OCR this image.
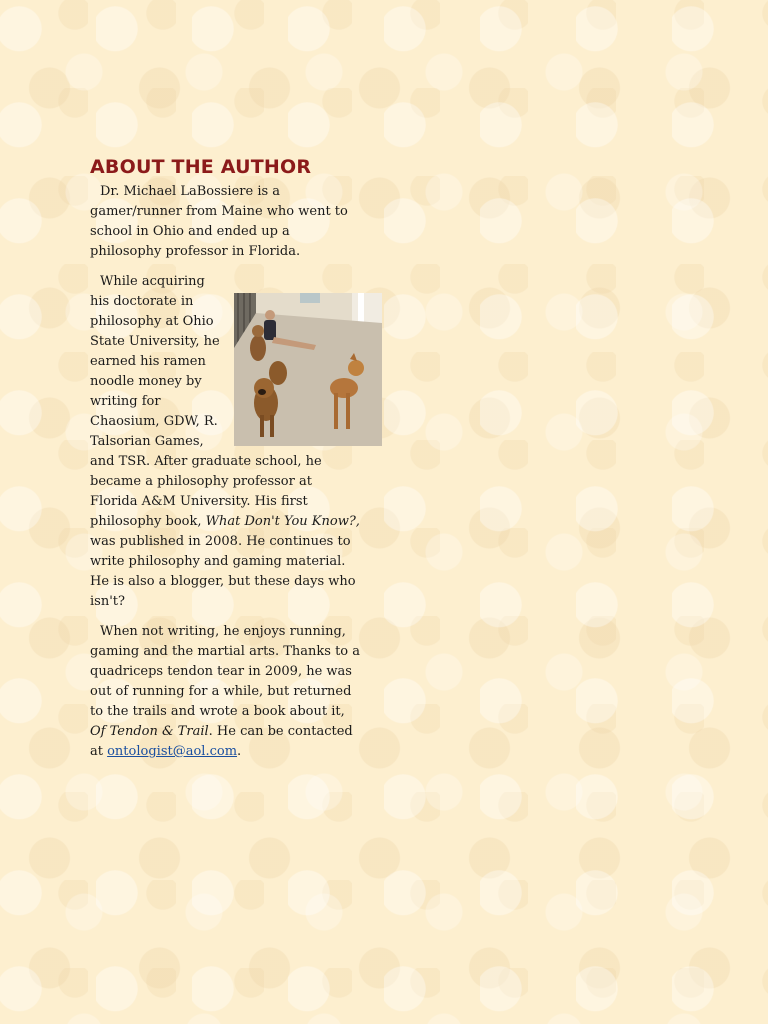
ABOUT THE AUTHOR

Dr. Michael LaBossiere is a gamer/runner from Maine who went to school in Ohio and ended up a philosophy professor in Florida.

While acquiring his doctorate in philosophy at Ohio State University, he earned his ramen noodle money by writing for Chaosium, GDW, R. Talsorian Games, and TSR. After graduate school, he became a philosophy professor at Florida A&M University. His first philosophy book, What Don't You Know?, was published in 2008. He continues to write philosophy and gaming material. He is also a blogger, but these days who isn't?

When not writing, he enjoys running, gaming and the martial arts. Thanks to a quadriceps tendon tear in 2009, he was out of running for a while, but returned to the trails and wrote a book about it, Of Tendon & Trail. He can be contacted at ontologist@aol.com.
